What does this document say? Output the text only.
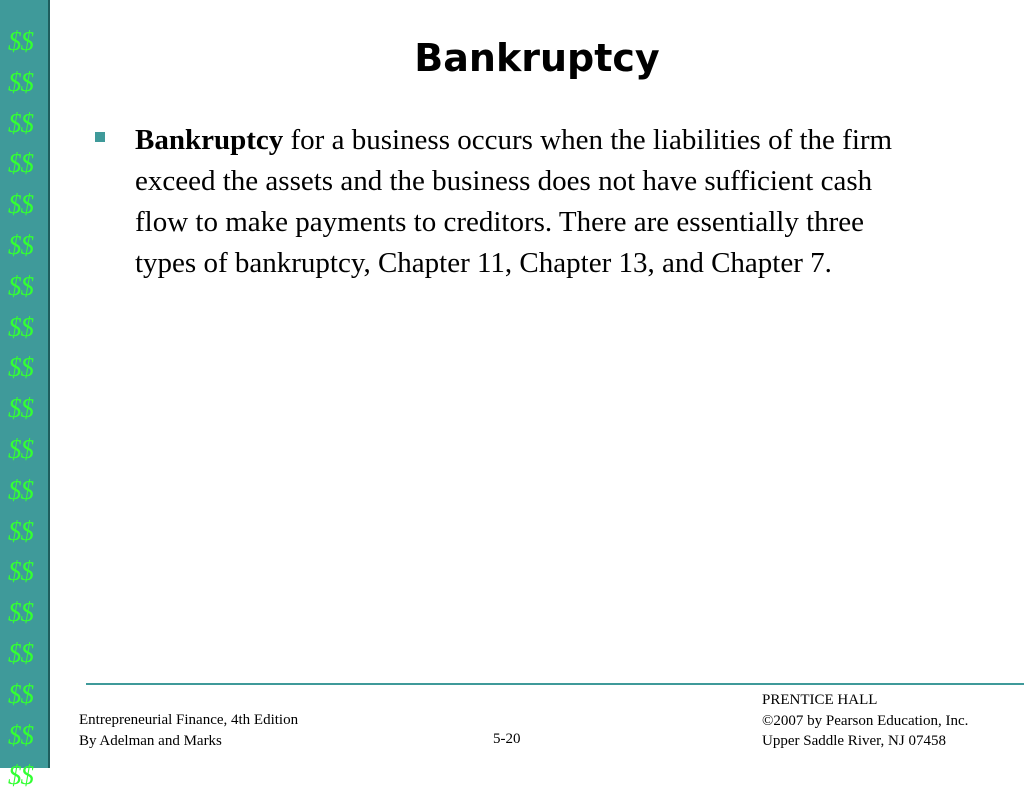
$$
$$
$$
$$
$$
$$
$$
$$
$$
$$
$$
$$
$$
$$
$$
$$
$$
$$
$$
Bankruptcy
Bankruptcy for a business occurs when the liabilities of the firm exceed the assets and the business does not have sufficient cash flow to make payments to creditors. There are essentially three types of bankruptcy, Chapter 11, Chapter 13, and Chapter 7.
Entrepreneurial Finance, 4th Edition
By Adelman and Marks	5-20
PRENTICE HALL
©2007 by Pearson Education, Inc.
Upper Saddle River, NJ 07458
